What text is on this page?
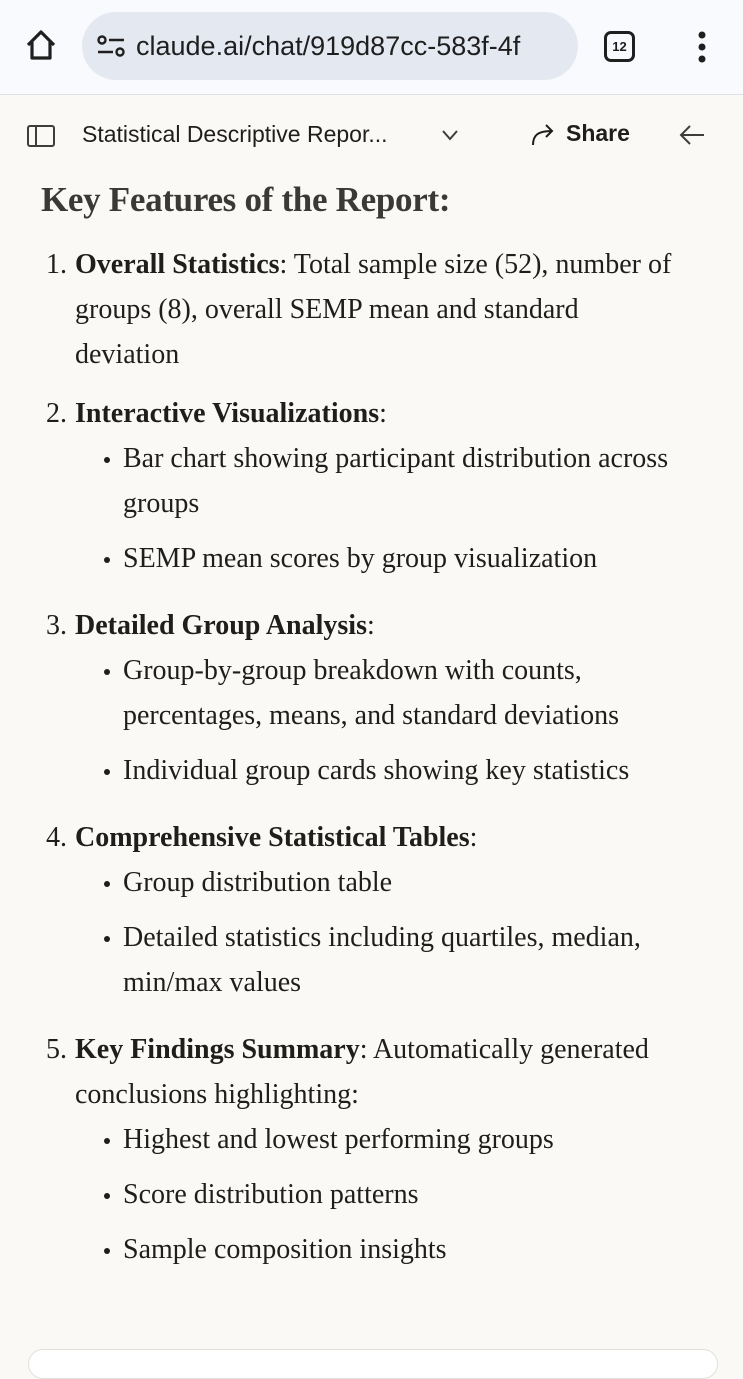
claude.ai/chat/919d87cc-583f-4f	12
Statistical Descriptive Repor...	Share
Key Features of the Report:
1. Overall Statistics: Total sample size (52), number of groups (8), overall SEMP mean and standard deviation
2. Interactive Visualizations:
Bar chart showing participant distribution across groups
SEMP mean scores by group visualization
3. Detailed Group Analysis:
Group-by-group breakdown with counts, percentages, means, and standard deviations
Individual group cards showing key statistics
4. Comprehensive Statistical Tables:
Group distribution table
Detailed statistics including quartiles, median, min/max values
5. Key Findings Summary: Automatically generated conclusions highlighting:
Highest and lowest performing groups
Score distribution patterns
Sample composition insights
